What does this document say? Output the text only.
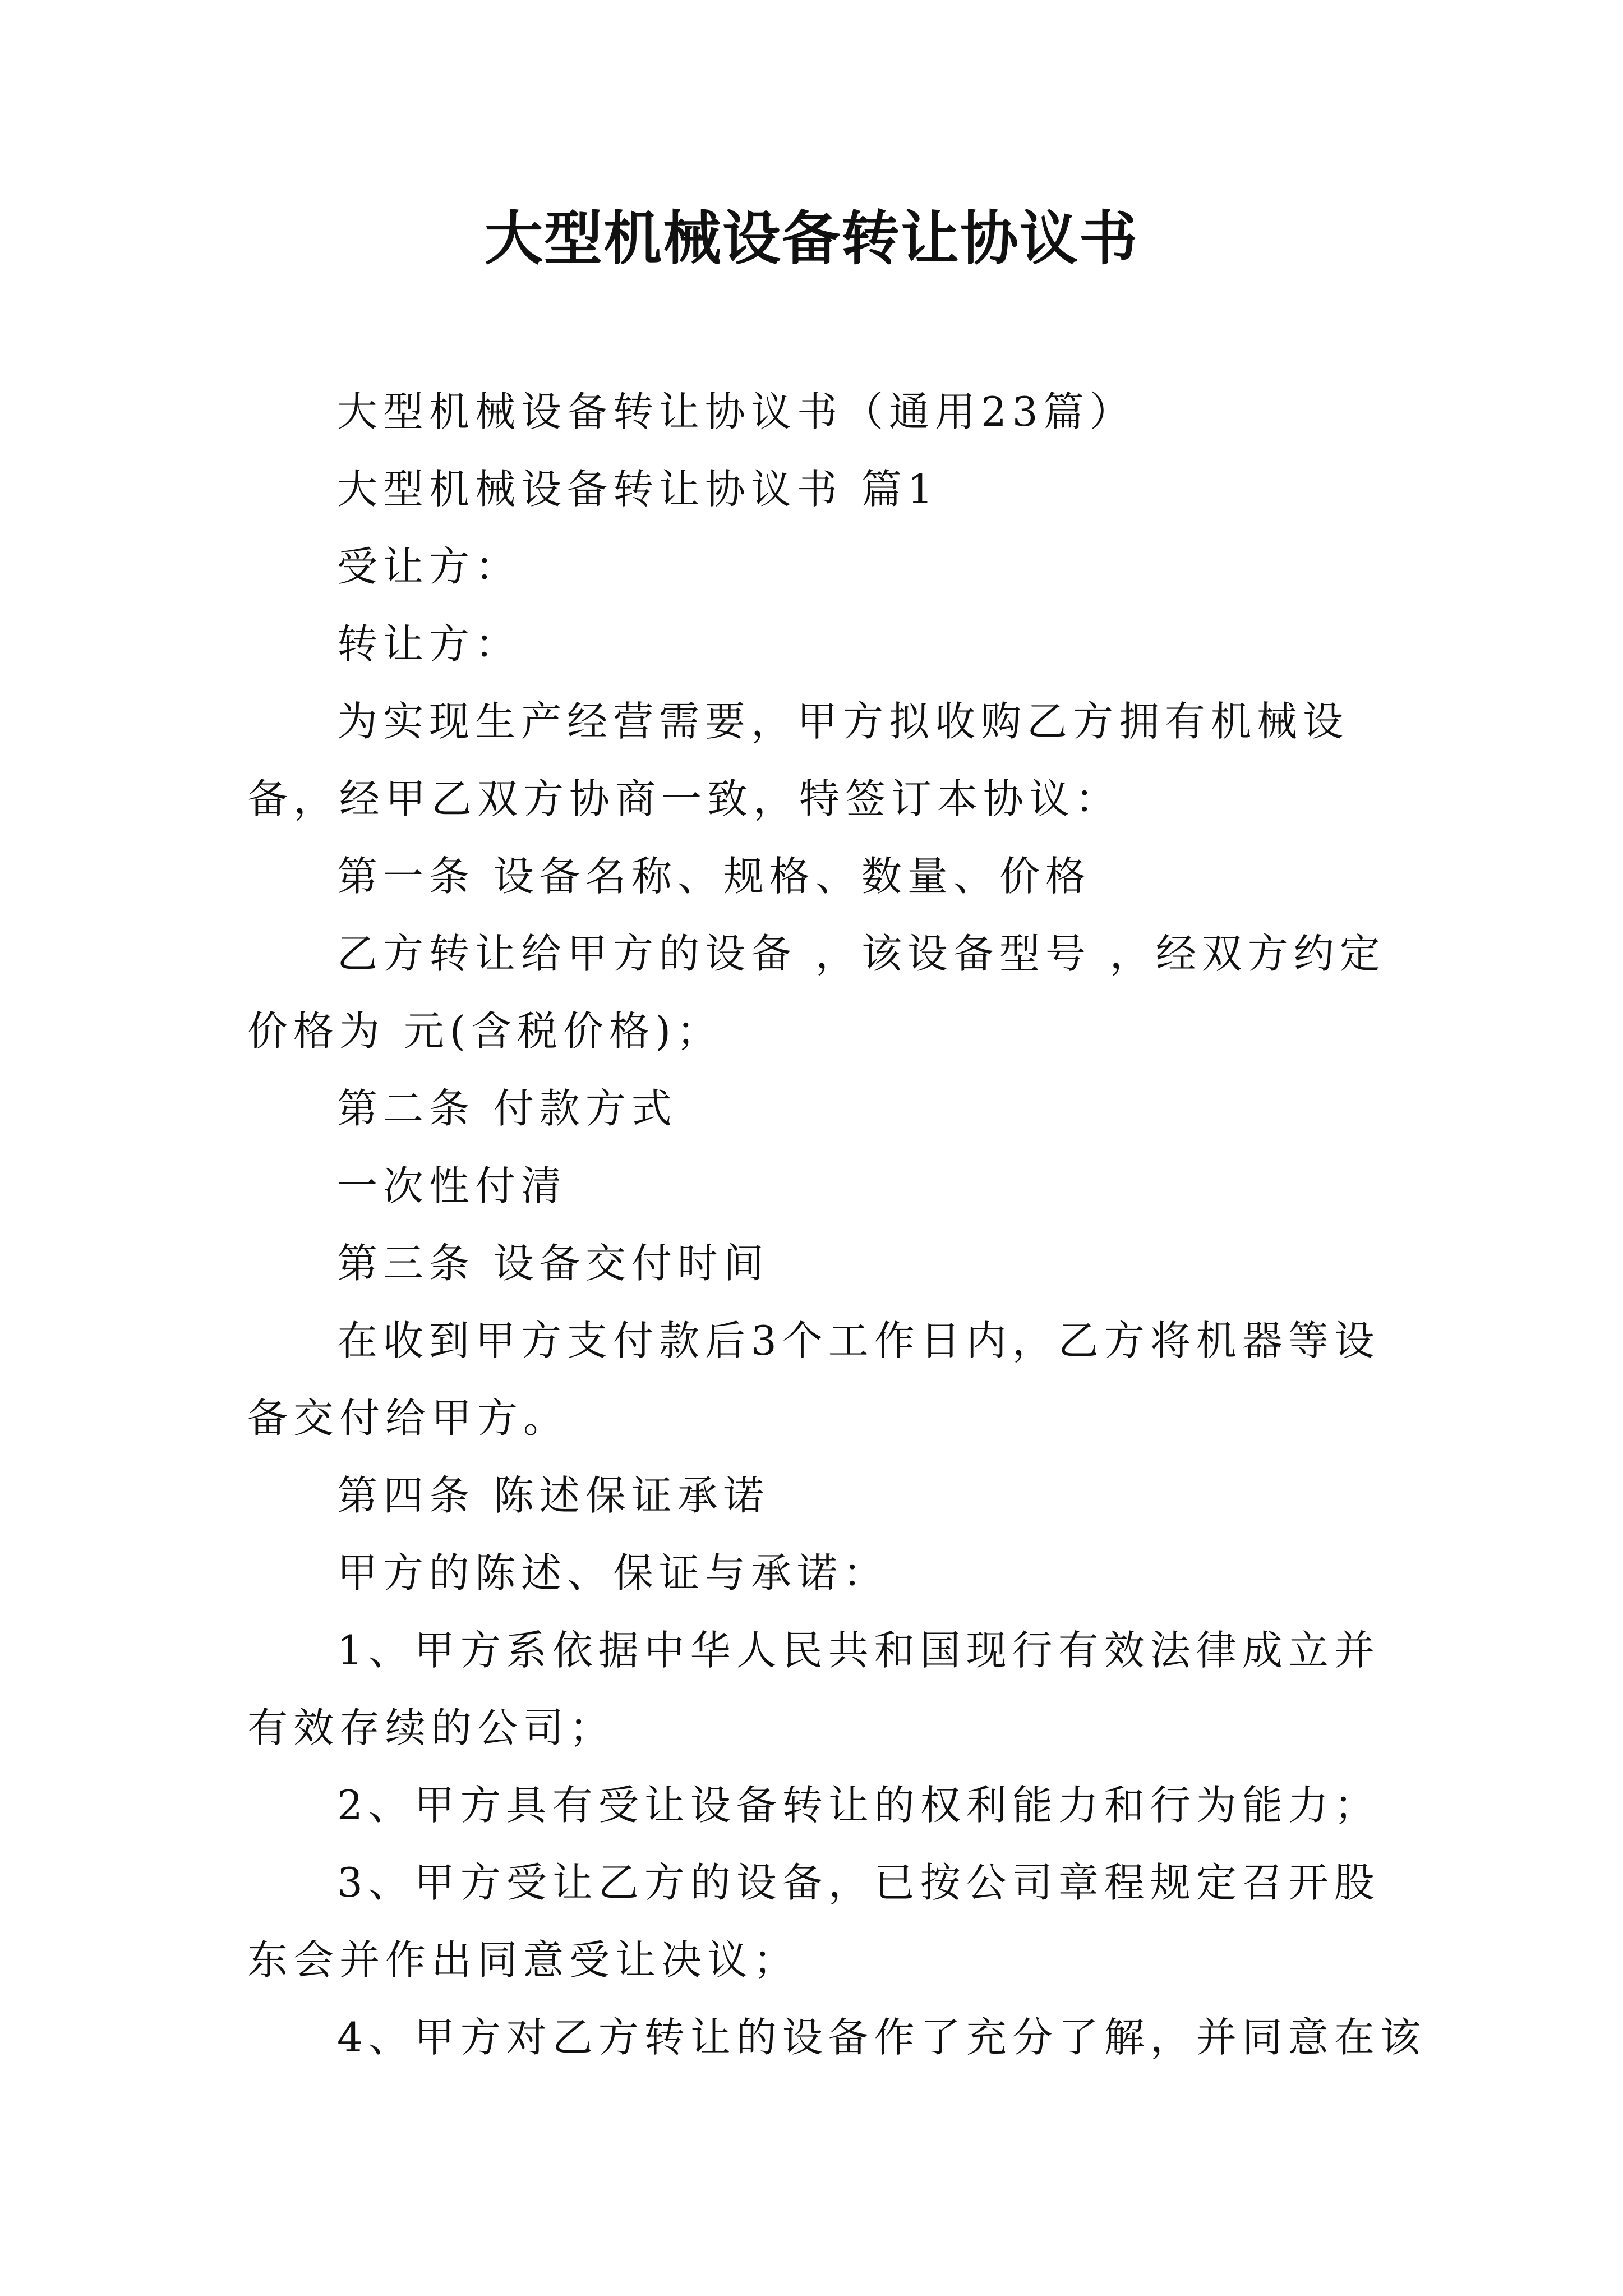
大型机械设备转让协议书

大型机械设备转让协议书（通用23篇）

大型机械设备转让协议书 篇1

受让方：

转让方：

为实现生产经营需要，甲方拟收购乙方拥有机械设备，经甲乙双方协商一致，特签订本协议：

第一条 设备名称、规格、数量、价格

乙方转让给甲方的设备 ，该设备型号 ，经双方约定价格为 元(含税价格)；

第二条 付款方式

一次性付清

第三条 设备交付时间

在收到甲方支付款后3个工作日内，乙方将机器等设备交付给甲方。

第四条 陈述保证承诺

甲方的陈述、保证与承诺：

1、甲方系依据中华人民共和国现行有效法律成立并有效存续的公司；

2、甲方具有受让设备转让的权利能力和行为能力；

3、甲方受让乙方的设备，已按公司章程规定召开股东会并作出同意受让决议；

4、甲方对乙方转让的设备作了充分了解，并同意在该
